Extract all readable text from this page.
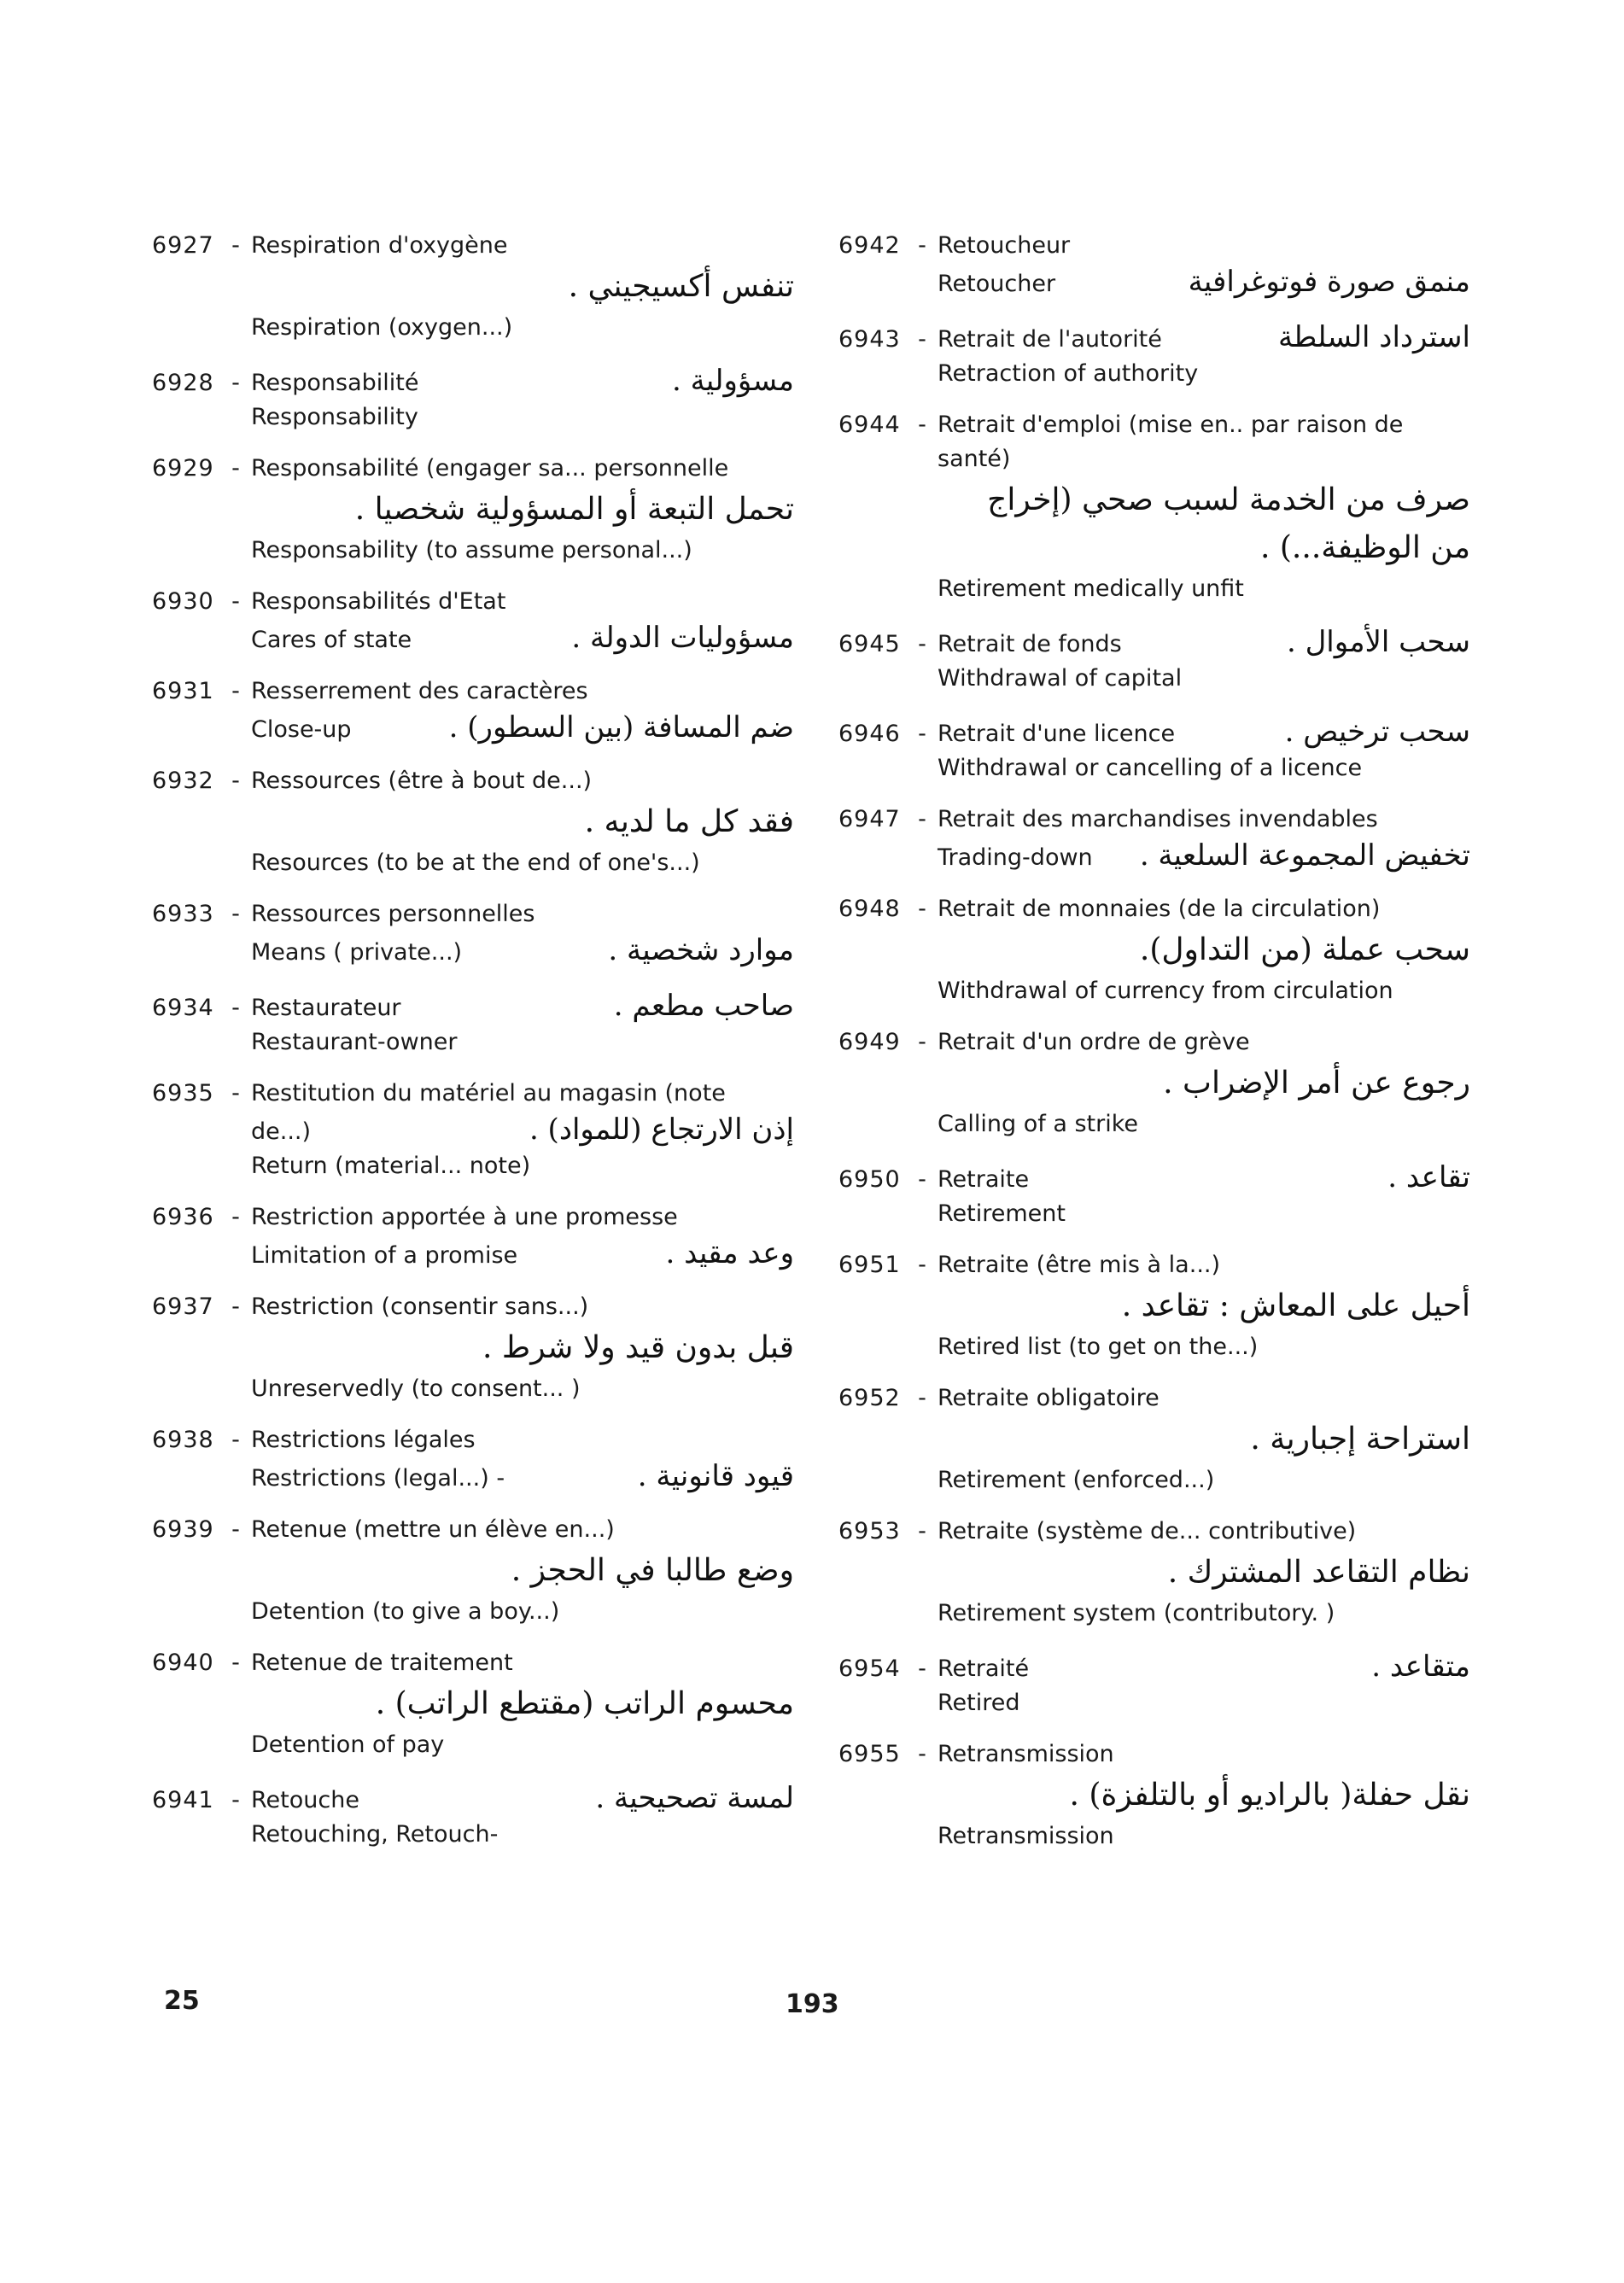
6927 - Respiration d'oxygène
تنفس أكسيجيني .
Respiration (oxygen...)
6928 - Responsabilité	مسؤولية .
Responsability
6929 - Responsabilité (engager sa... personnelle
تحمل التبعة أو المسؤولية شخصيا .
Responsability (to assume personal...)
6930 - Responsabilités d'Etat
Cares of state	مسؤوليات الدولة .
6931 - Resserrement des caractères
Close-up	ضم المسافة (بين السطور) .
6932 - Ressources (être à bout de...)
فقد كل ما لديه .
Resources (to be at the end of one's...)
6933 - Ressources personnelles
Means ( private...)	موارد شخصية .
6934 - Restaurateur	صاحب مطعم .
Restaurant-owner
6935 - Restitution du matériel au magasin (note
de...)	إذن الارتجاع (للمواد) .
Return (material... note)
6936 - Restriction apportée à une promesse
Limitation of a promise	وعد مقيد .
6937 - Restriction (consentir sans...)
قبل بدون قيد ولا شرط .
Unreservedly (to consent... )
6938 - Restrictions légales
Restrictions (legal...) -	قيود قانونية .
6939 - Retenue (mettre un élève en...)
وضع طالبا في الحجز .
Detention (to give a boy...)
6940 - Retenue de traitement
محسوم الراتب (مقتطع الراتب) .
Detention of pay
6941 - Retouche	لمسة تصحيحية .
Retouching, Retouch-
6942 - Retoucheur
Retoucher	منمق صورة فوتوغرافية
6943 - Retrait de l'autorité	استرداد السلطة
Retraction of authority
6944 - Retrait d'emploi (mise en.. par raison de
santé)
صرف من الخدمة لسبب صحي (إخراج
من الوظيفة...) .
Retirement medically unfit
6945 - Retrait de fonds	سحب الأموال .
Withdrawal of capital
6946 - Retrait d'une licence	سحب ترخيص .
Withdrawal or cancelling of a licence
6947 - Retrait des marchandises invendables
Trading-down تخفيض المجموعة السلعية .
6948 - Retrait de monnaies (de la circulation)
سحب عملة (من التداول).
Withdrawal of currency from circulation
6949 - Retrait d'un ordre de grève
رجوع عن أمر الإضراب .
Calling of a strike
6950 - Retraite	تقاعد .
Retirement
6951 - Retraite (être mis à la...)
أحيل على المعاش : تقاعد .
Retired list (to get on the...)
6952 - Retraite obligatoire
استراحة إجبارية .
Retirement (enforced...)
6953 - Retraite (système de... contributive)
نظام التقاعد المشترك .
Retirement system (contributory. )
6954 - Retraité	متقاعد .
Retired
6955 - Retransmission
نقل حفلة( بالراديو أو بالتلفزة) .
Retransmission
25	193
